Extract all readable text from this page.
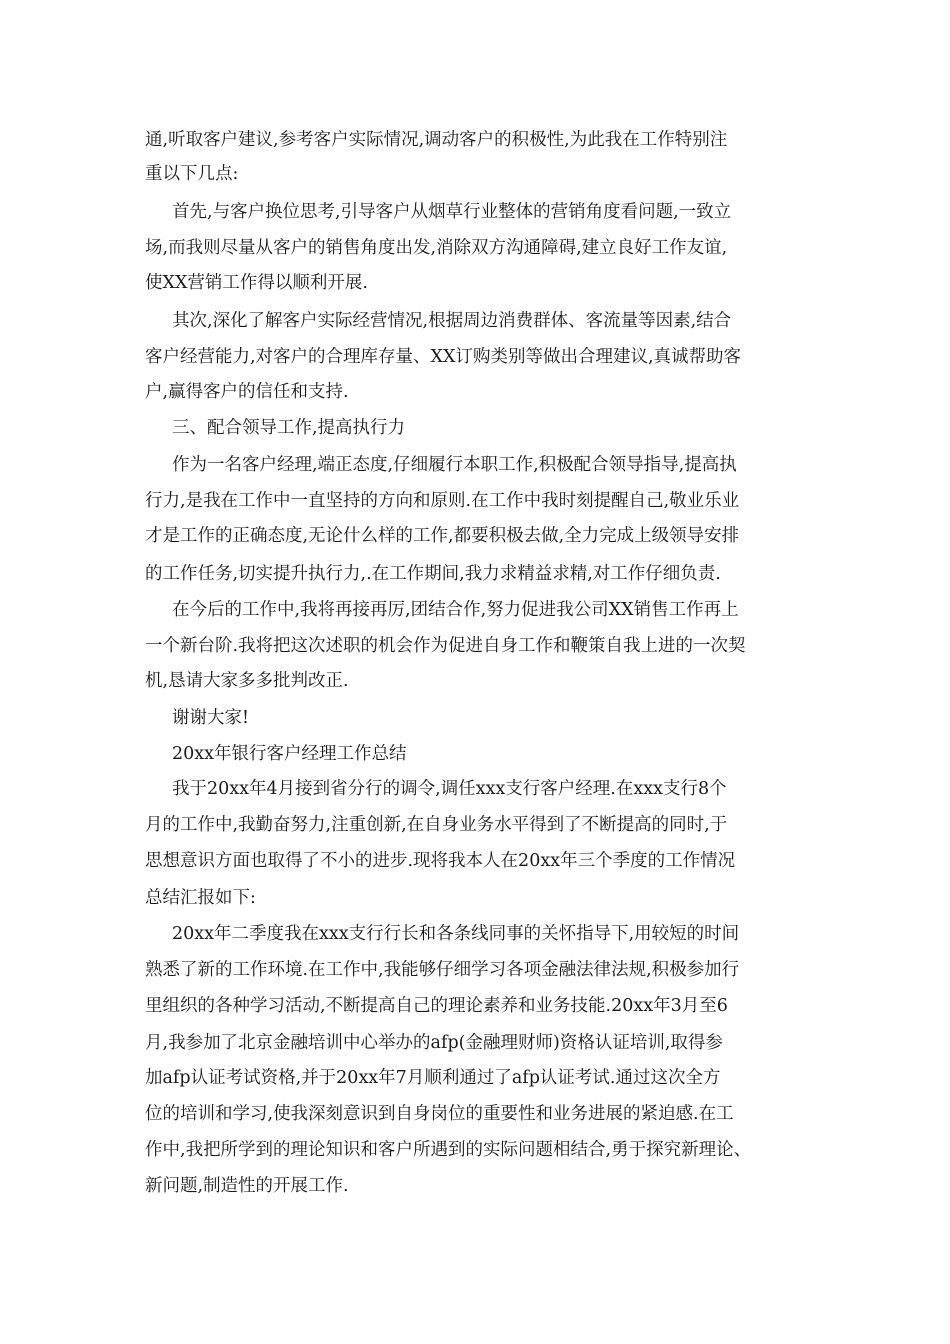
通,听取客户建议,参考客户实际情况,调动客户的积极性,为此我在工作特别注
重以下几点:
首先,与客户换位思考,引导客户从烟草行业整体的营销角度看问题,一致立
场,而我则尽量从客户的销售角度出发,消除双方沟通障碍,建立良好工作友谊,
使XX营销工作得以顺利开展.
其次,深化了解客户实际经营情况,根据周边消费群体、客流量等因素,结合
客户经营能力,对客户的合理库存量、XX订购类别等做出合理建议,真诚帮助客
户,赢得客户的信任和支持.
三、配合领导工作,提高执行力
作为一名客户经理,端正态度,仔细履行本职工作,积极配合领导指导,提高执
行力,是我在工作中一直坚持的方向和原则.在工作中我时刻提醒自己,敬业乐业
才是工作的正确态度,无论什么样的工作,都要积极去做,全力完成上级领导安排
的工作任务,切实提升执行力,.在工作期间,我力求精益求精,对工作仔细负责.
在今后的工作中,我将再接再厉,团结合作,努力促进我公司XX销售工作再上
一个新台阶.我将把这次述职的机会作为促进自身工作和鞭策自我上进的一次契
机,恳请大家多多批判改正.
谢谢大家!
20xx年银行客户经理工作总结
我于20xx年4月接到省分行的调令,调任xxx支行客户经理.在xxx支行8个
月的工作中,我勤奋努力,注重创新,在自身业务水平得到了不断提高的同时,于
思想意识方面也取得了不小的进步.现将我本人在20xx年三个季度的工作情况
总结汇报如下:
20xx年二季度我在xxx支行行长和各条线同事的关怀指导下,用较短的时间
熟悉了新的工作环境.在工作中,我能够仔细学习各项金融法律法规,积极参加行
里组织的各种学习活动,不断提高自己的理论素养和业务技能.20xx年3月至6
月,我参加了北京金融培训中心举办的afp(金融理财师)资格认证培训,取得参
加afp认证考试资格,并于20xx年7月顺利通过了afp认证考试.通过这次全方
位的培训和学习,使我深刻意识到自身岗位的重要性和业务进展的紧迫感.在工
作中,我把所学到的理论知识和客户所遇到的实际问题相结合,勇于探究新理论、
新问题,制造性的开展工作.
